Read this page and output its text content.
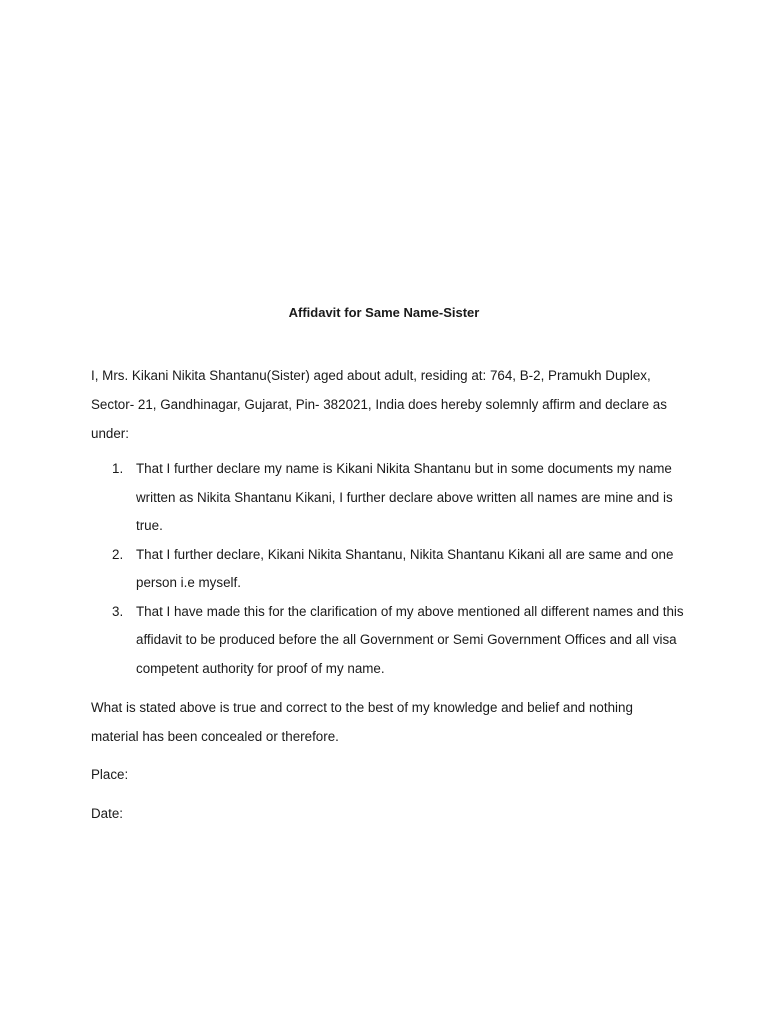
Affidavit for Same Name-Sister

I, Mrs. Kikani Nikita Shantanu(Sister) aged about adult, residing at: 764, B-2, Pramukh Duplex, Sector- 21, Gandhinagar, Gujarat, Pin- 382021, India does hereby solemnly affirm and declare as under:

1. That I further declare my name is Kikani Nikita Shantanu but in some documents my name written as Nikita Shantanu Kikani, I further declare above written all names are mine and is true.
2. That I further declare, Kikani Nikita Shantanu, Nikita Shantanu Kikani all are same and one person i.e myself.
3. That I have made this for the clarification of my above mentioned all different names and this affidavit to be produced before the all Government or Semi Government Offices and all visa competent authority for proof of my name.

What is stated above is true and correct to the best of my knowledge and belief and nothing material has been concealed or therefore.

Place:

Date:
